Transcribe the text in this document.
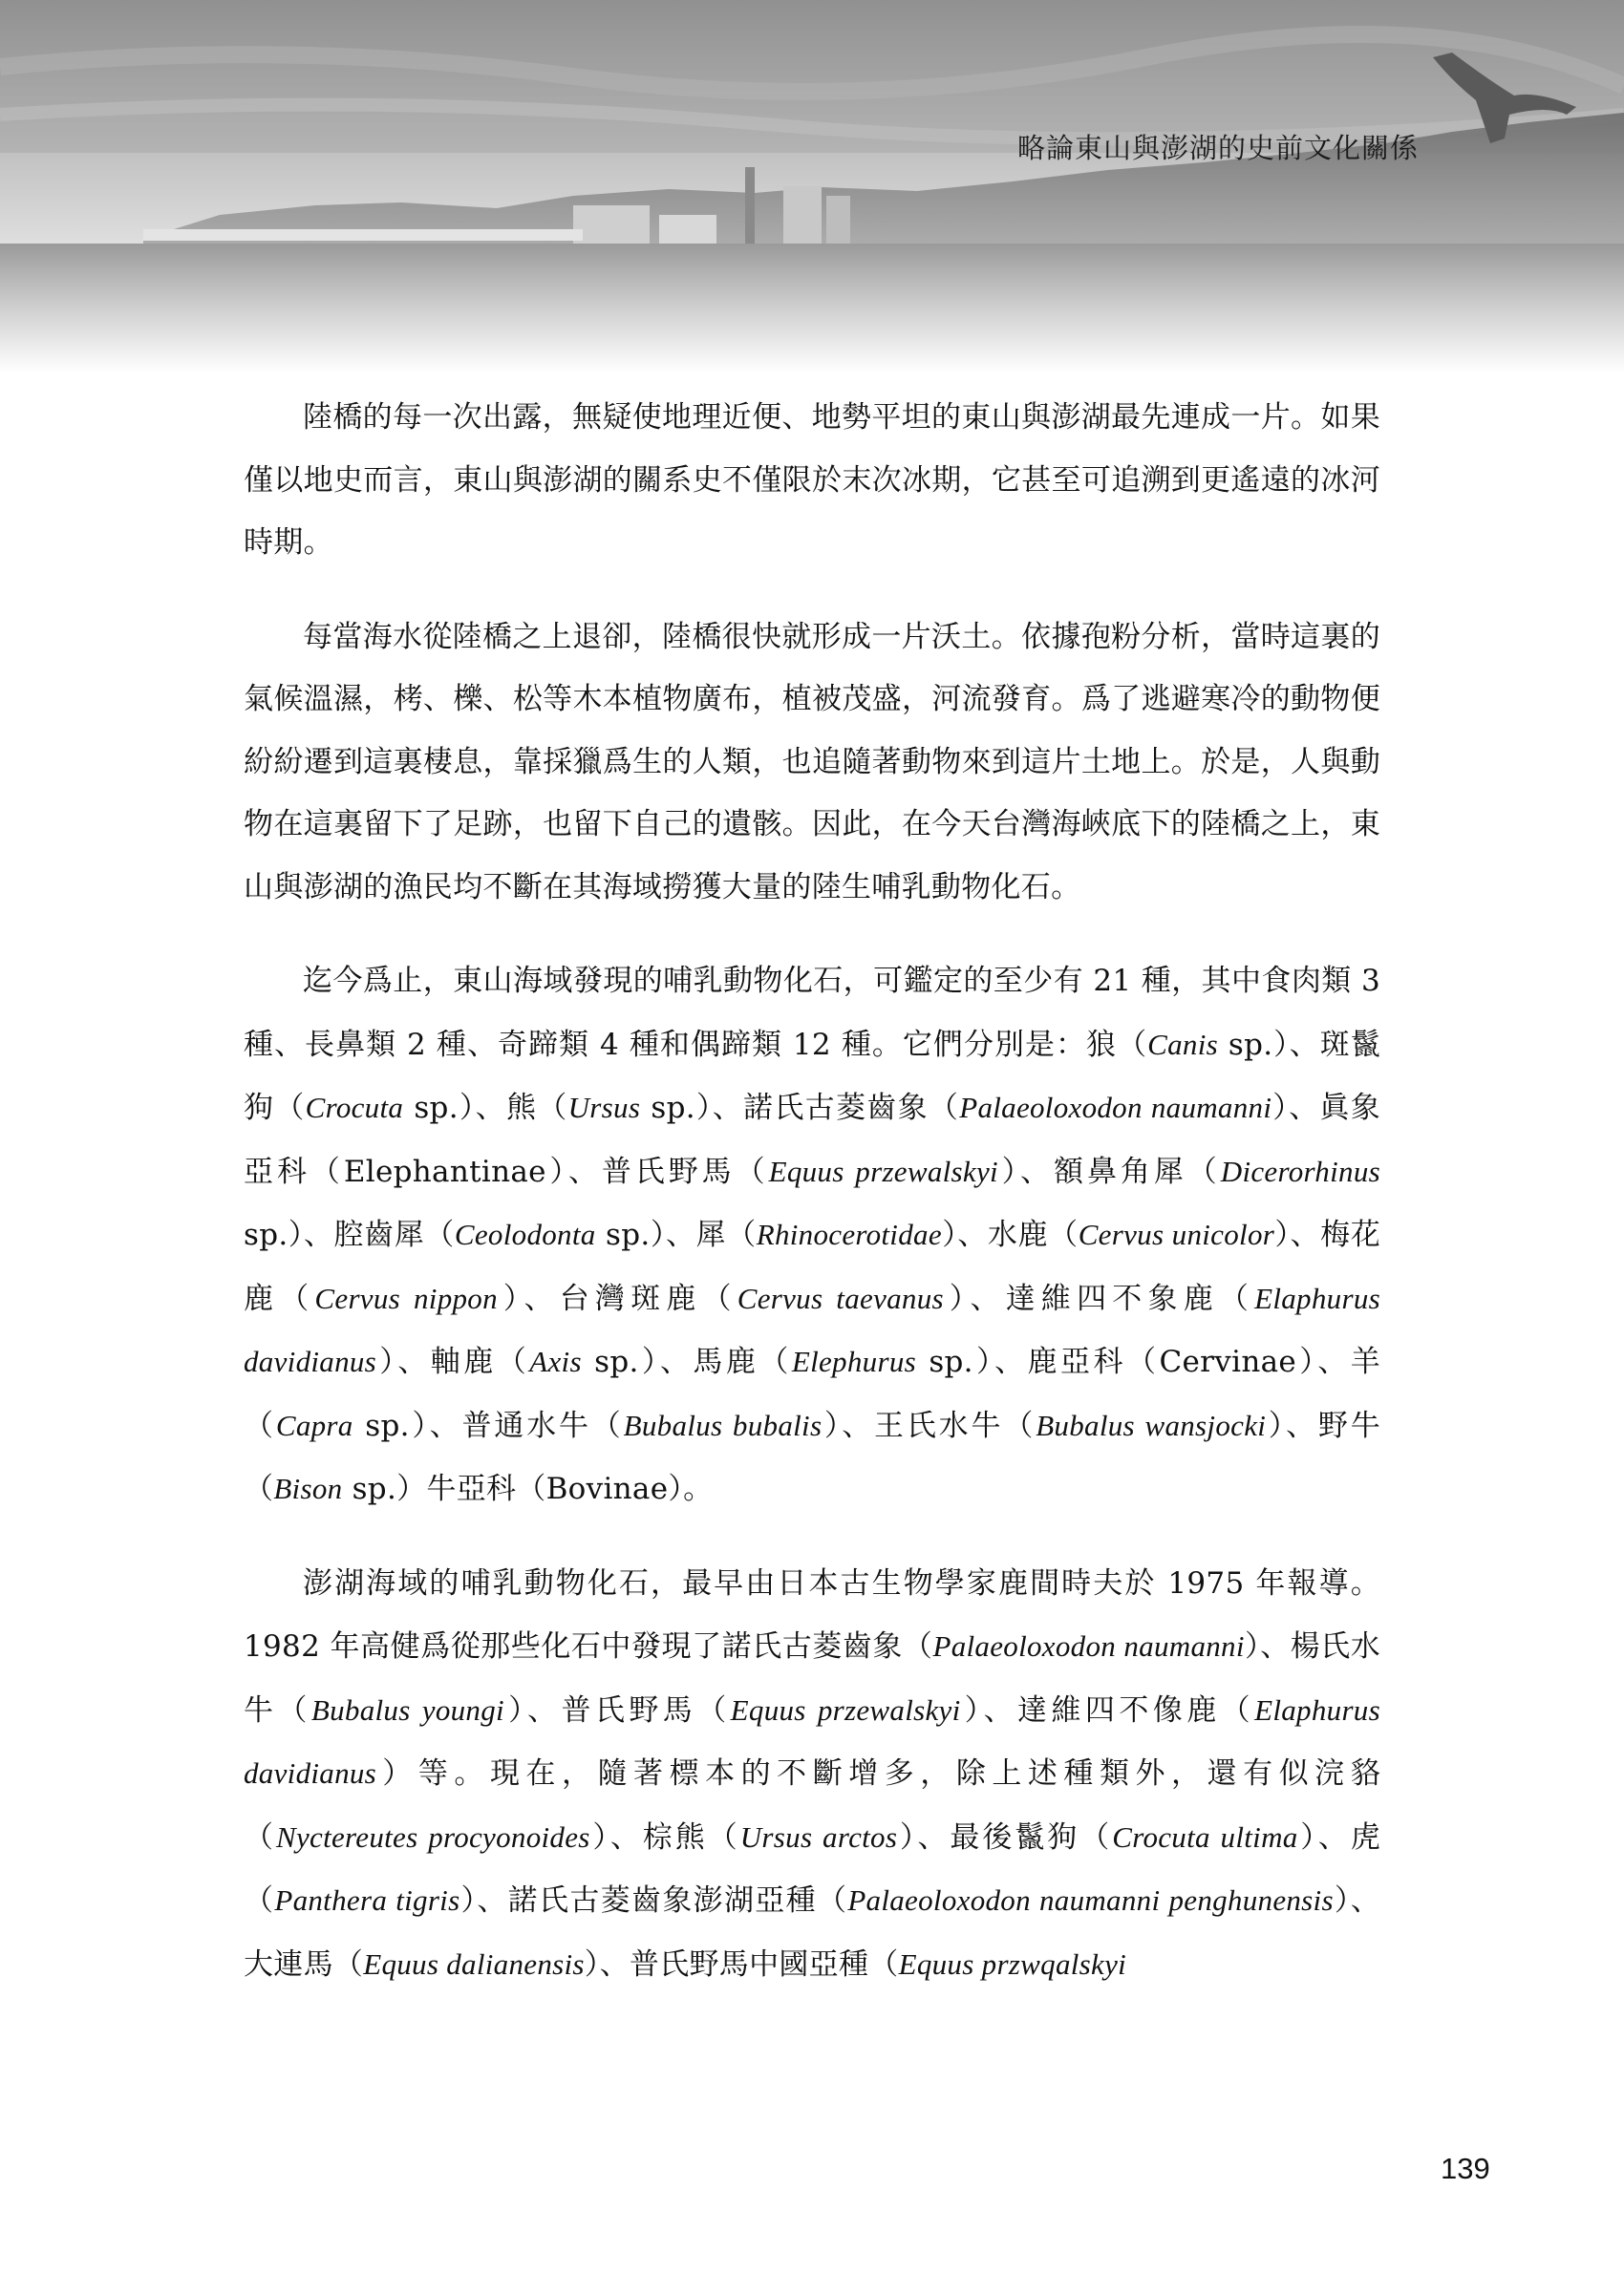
略論東山與澎湖的史前文化關係

陸橋的每一次出露，無疑使地理近便、地勢平坦的東山與澎湖最先連成一片。如果僅以地史而言，東山與澎湖的關系史不僅限於末次冰期，它甚至可追溯到更遙遠的冰河時期。

每當海水從陸橋之上退卻，陸橋很快就形成一片沃土。依據孢粉分析，當時這裏的氣候溫濕，栲、櫟、松等木本植物廣布，植被茂盛，河流發育。爲了逃避寒冷的動物便紛紛遷到這裏棲息，靠採獵爲生的人類，也追隨著動物來到這片土地上。於是，人與動物在這裏留下了足跡，也留下自己的遺骸。因此，在今天台灣海峽底下的陸橋之上，東山與澎湖的漁民均不斷在其海域撈獲大量的陸生哺乳動物化石。

迄今爲止，東山海域發現的哺乳動物化石，可鑑定的至少有 21 種，其中食肉類 3 種、長鼻類 2 種、奇蹄類 4 種和偶蹄類 12 種。它們分別是：狼（Canis sp.）、斑鬣狗（Crocuta sp.）、熊（Ursus sp.）、諾氏古菱齒象（Palaeoloxodon naumanni）、眞象亞科（Elephantinae）、普氏野馬（Equus przewalskyi）、額鼻角犀（Dicerorhinus sp.）、腔齒犀（Ceolodonta sp.）、犀（Rhinocerotidae）、水鹿（Cervus unicolor）、梅花鹿（Cervus nippon）、台灣斑鹿（Cervus taevanus）、達維四不象鹿（Elaphurus davidianus）、軸鹿（Axis sp.）、馬鹿（Elephurus sp.）、鹿亞科（Cervinae）、羊（Capra sp.）、普通水牛（Bubalus bubalis）、王氏水牛（Bubalus wansjocki）、野牛（Bison sp.）牛亞科（Bovinae）。

澎湖海域的哺乳動物化石，最早由日本古生物學家鹿間時夫於 1975 年報導。1982 年高健爲從那些化石中發現了諾氏古菱齒象（Palaeoloxodon naumanni）、楊氏水牛（Bubalus youngi）、普氏野馬（Equus przewalskyi）、達維四不像鹿（Elaphurus davidianus）等。現在，隨著標本的不斷增多，除上述種類外，還有似浣貉（Nyctereutes procyonoides）、棕熊（Ursus arctos）、最後鬣狗（Crocuta ultima）、虎（Panthera tigris）、諾氏古菱齒象澎湖亞種（Palaeoloxodon naumanni penghunensis）、大連馬（Equus dalianensis）、普氏野馬中國亞種（Equus przwqalskyi

139
